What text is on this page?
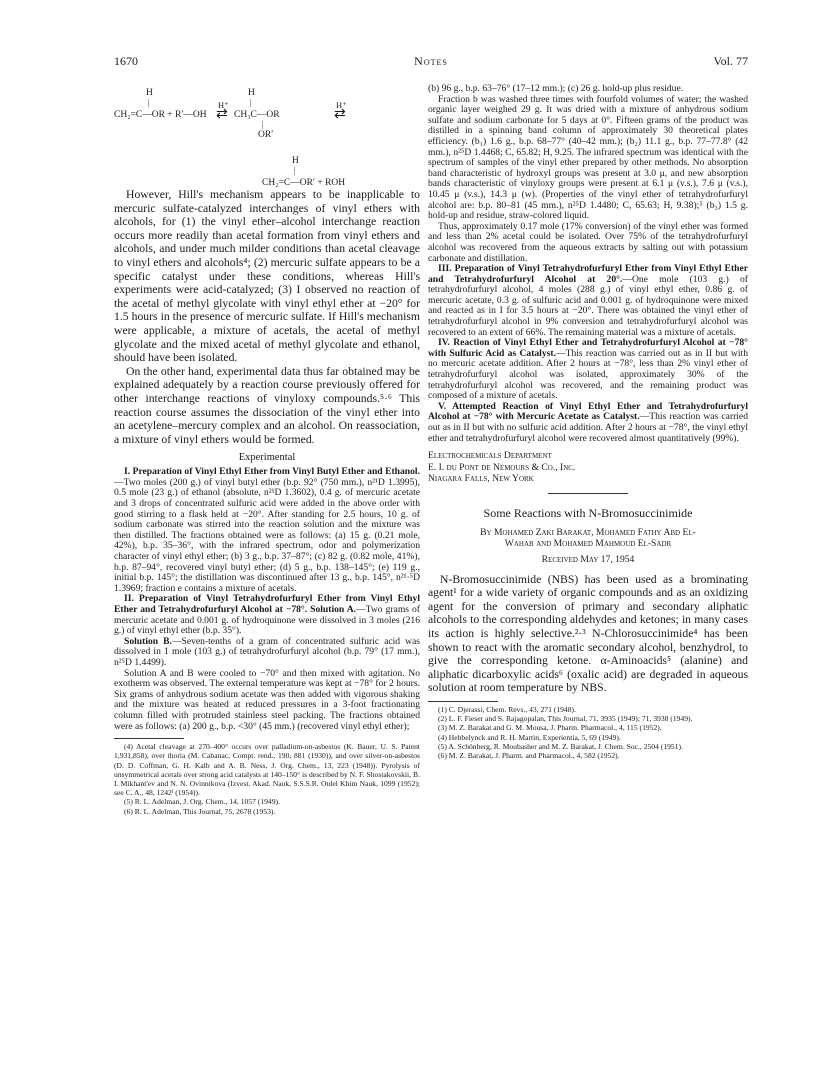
1670	Notes	Vol. 77
H	H
|	|
H⁺	H⁺
CH₂=C—OR + R′—OH ⇄ CH₃C—OR	⇄
|
OR′
H
|
CH₂=C—OR′ + ROH

However, Hill's mechanism appears to be inapplicable to mercuric sulfate-catalyzed interchanges of vinyl ethers with alcohols, for (1) the vinyl ether–alcohol interchange reaction occurs more readily than acetal formation from vinyl ethers and alcohols, and under much milder conditions than acetal cleavage to vinyl ethers and alcohols⁴; (2) mercuric sulfate appears to be a specific catalyst under these conditions, whereas Hill's experiments were acid-catalyzed; (3) I observed no reaction of the acetal of methyl glycolate with vinyl ethyl ether at −20° for 1.5 hours in the presence of mercuric sulfate. If Hill's mechanism were applicable, a mixture of acetals, the acetal of methyl glycolate and the mixed acetal of methyl glycolate and ethanol, should have been isolated.

On the other hand, experimental data thus far obtained may be explained adequately by a reaction course previously offered for other interchange reactions of vinyloxy compounds.⁵·⁶ This reaction course assumes the dissociation of the vinyl ether into an acetylene–mercury complex and an alcohol. On reassociation, a mixture of vinyl ethers would be formed.

Experimental

I. Preparation of Vinyl Ethyl Ether from Vinyl Butyl Ether and Ethanol.—Two moles (200 g.) of vinyl butyl ether (b.p. 92° (750 mm.), n²¹D 1.3995), 0.5 mole (23 g.) of ethanol (absolute, n²¹D 1.3602), 0.4 g. of mercuric acetate and 3 drops of concentrated sulfuric acid were added in the above order with good stirring to a flask held at −20°. After standing for 2.5 hours, 10 g. of sodium carbonate was stirred into the reaction solution and the mixture was then distilled. The fractions obtained were as follows: (a) 15 g. (0.21 mole, 42%), b.p. 35–36°, with the infrared spectrum, odor and polymerization character of vinyl ethyl ether; (b) 3 g., b.p. 37–87°; (c) 82 g. (0.82 mole, 41%), b.p. 87–94°, recovered vinyl butyl ether; (d) 5 g., b.p. 138–145°; (e) 119 g., initial b.p. 145°; the distillation was discontinued after 13 g., b.p. 145°, n²¹·⁵D 1.3969; fraction e contains a mixture of acetals.

II. Preparation of Vinyl Tetrahydrofurfuryl Ether from Vinyl Ethyl Ether and Tetrahydrofurfuryl Alcohol at −78°. Solution A.—Two grams of mercuric acetate and 0.001 g. of hydroquinone were dissolved in 3 moles (216 g.) of vinyl ethyl ether (b.p. 35°).

Solution B.—Seven-tenths of a gram of concentrated sulfuric acid was dissolved in 1 mole (103 g.) of tetrahydrofurfuryl alcohol (b.p. 79° (17 mm.), n²⁵D 1.4499).

Solution A and B were cooled to −70° and then mixed with agitation. No exotherm was observed. The external temperature was kept at −78° for 2 hours. Six grams of anhydrous sodium acetate was then added with vigorous shaking and the mixture was heated at reduced pressures in a 3-foot fractionating column filled with protruded stainless steel packing. The fractions obtained were as follows: (a) 200 g., b.p. <30° (45 mm.) (recovered vinyl ethyl ether);

(4) Acetal cleavage at 270–400° occurs over palladium-on-asbestos (K. Bauer, U. S. Patent 1,931,858), over thoria (M. Cabanac, Compt. rend., 190, 881 (1930)), and over silver-on-asbestos (D. D. Coffman, G. H. Kalb and A. B. Ness, J. Org. Chem., 13, 223 (1948)). Pyrolysis of unsymmetrical acetals over strong acid catalysts at 140–150° is described by N. F. Shostakovskii, B. I. Mikhant'ev and N. N. Ovinnikova (Izvest. Akad. Nauk, S.S.S.R. Otdel Khim Nauk, 1099 (1952); see C. A., 48, 1242ᶠ (1954)).

(5) R. L. Adelman, J. Org. Chem., 14, 1057 (1949).

(6) R. L. Adelman, This Journal, 75, 2678 (1953).

(b) 96 g., b.p. 63–76° (17–12 mm.); (c) 26 g. hold-up plus residue.

Fraction b was washed three times with fourfold volumes of water; the washed organic layer weighed 29 g. It was dried with a mixture of anhydrous sodium sulfate and sodium carbonate for 5 days at 0°. Fifteen grams of the product was distilled in a spinning band column of approximately 30 theoretical plates efficiency. (b₁) 1.6 g., b.p. 68–77° (40–42 mm.); (b₂) 11.1 g., b.p. 77–77.8° (42 mm.), n²⁵D 1.4468; C, 65.82; H, 9.25. The infrared spectrum was identical with the spectrum of samples of the vinyl ether prepared by other methods. No absorption band characteristic of hydroxyl groups was present at 3.0 μ, and new absorption bands characteristic of vinyloxy groups were present at 6.1 μ (v.s.), 7.6 μ (v.s.), 10.45 μ (v.s.), 14.3 μ (w). (Properties of the vinyl ether of tetrahydrofurfuryl alcohol are: b.p. 80–81 (45 mm.), n²⁵D 1.4480; C, 65.63; H, 9.38);⁵ (b₃) 1.5 g. hold-up and residue, straw-colored liquid.

Thus, approximately 0.17 mole (17% conversion) of the vinyl ether was formed and less than 2% acetal could be isolated. Over 75% of the tetrahydrofurfuryl alcohol was recovered from the aqueous extracts by salting out with potassium carbonate and distillation.

III. Preparation of Vinyl Tetrahydrofurfuryl Ether from Vinyl Ethyl Ether and Tetrahydrofurfuryl Alcohol at 20°.—One mole (103 g.) of tetrahydrofurfuryl alcohol, 4 moles (288 g.) of vinyl ethyl ether, 0.86 g. of mercuric acetate, 0.3 g. of sulfuric acid and 0.001 g. of hydroquinone were mixed and reacted as in I for 3.5 hours at −20°. There was obtained the vinyl ether of tetrahydrofurfuryl alcohol in 9% conversion and tetrahydrofurfuryl alcohol was recovered to an extent of 66%. The remaining material was a mixture of acetals.

IV. Reaction of Vinyl Ethyl Ether and Tetrahydrofurfuryl Alcohol at −78° with Sulfuric Acid as Catalyst.—This reaction was carried out as in II but with no mercuric acetate addition. After 2 hours at −78°, less than 2% vinyl ether of tetrahydrofurfuryl alcohol was isolated, approximately 30% of the tetrahydrofurfuryl alcohol was recovered, and the remaining product was composed of a mixture of acetals.

V. Attempted Reaction of Vinyl Ethyl Ether and Tetrahydrofurfuryl Alcohol at −78° with Mercuric Acetate as Catalyst.—This reaction was carried out as in II but with no sulfuric acid addition. After 2 hours at −78°, the vinyl ethyl ether and tetrahydrofurfuryl alcohol were recovered almost quantitatively (99%).

Electrochemicals Department
E. I. du Pont de Nemours & Co., Inc.
Niagara Falls, New York
Some Reactions with N-Bromosuccinimide

By Mohamed Zaki Barakat, Mohamed Fathy Abd El-

Wahab and Mohamed Mahmoud El-Sadr

Received May 17, 1954

N-Bromosuccinimide (NBS) has been used as a brominating agent¹ for a wide variety of organic compounds and as an oxidizing agent for the conversion of primary and secondary aliphatic alcohols to the corresponding aldehydes and ketones; in many cases its action is highly selective.²·³ N-Chlorosuccinimide⁴ has been shown to react with the aromatic secondary alcohol, benzhydrol, to give the corresponding ketone. α-Aminoacids⁵ (alanine) and aliphatic dicarboxylic acids⁶ (oxalic acid) are degraded in aqueous solution at room temperature by NBS.

(1) C. Djerassi, Chem. Revs., 43, 271 (1948).

(2) L. F. Fieser and S. Rajagopalan, This Journal, 71, 3935 (1949); 71, 3938 (1949).

(3) M. Z. Barakat and G. M. Mousa, J. Pharm. Pharmacol., 4, 115 (1952).

(4) Hebbelynck and R. H. Martin, Experientia, 5, 69 (1949).

(5) A. Schönberg, R. Moubasher and M. Z. Barakat, J. Chem. Soc., 2504 (1951).

(6) M. Z. Barakat, J. Pharm. and Pharmacol., 4, 582 (1952).
